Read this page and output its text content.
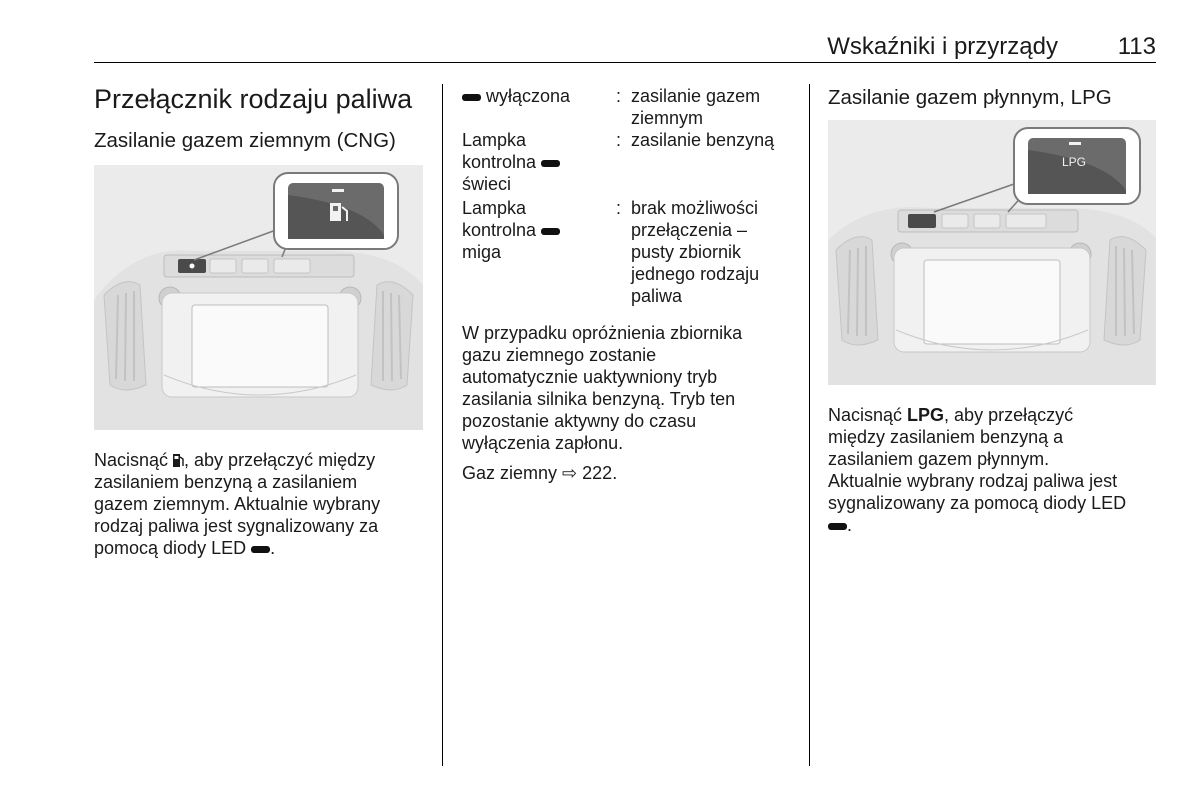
Wskaźniki i przyrządy 113
Przełącznik rodzaju paliwa
Zasilanie gazem ziemnym (CNG)
Nacisnąć , aby przełączyć między
zasilaniem benzyną a zasilaniem
gazem ziemnym. Aktualnie wybrany
rodzaj paliwa jest sygnalizowany za
pomocą diody LED .
wyłączona	: zasilanie gazem
ziemnym
Lampka
kontrolna
świeci
: zasilanie benzyną
Lampka
kontrolna
miga
: brak możliwości
przełączenia –
pusty zbiornik
jednego rodzaju
paliwa
W przypadku opróżnienia zbiornika
gazu ziemnego zostanie
automatycznie uaktywniony tryb
zasilania silnika benzyną. Tryb ten
pozostanie aktywny do czasu
wyłączenia zapłonu.
Gaz ziemny ⇨ 222.
Zasilanie gazem płynnym, LPG
LPG
Nacisnąć LPG, aby przełączyć
między zasilaniem benzyną a
zasilaniem gazem płynnym.
Aktualnie wybrany rodzaj paliwa jest
sygnalizowany za pomocą diody LED
.
